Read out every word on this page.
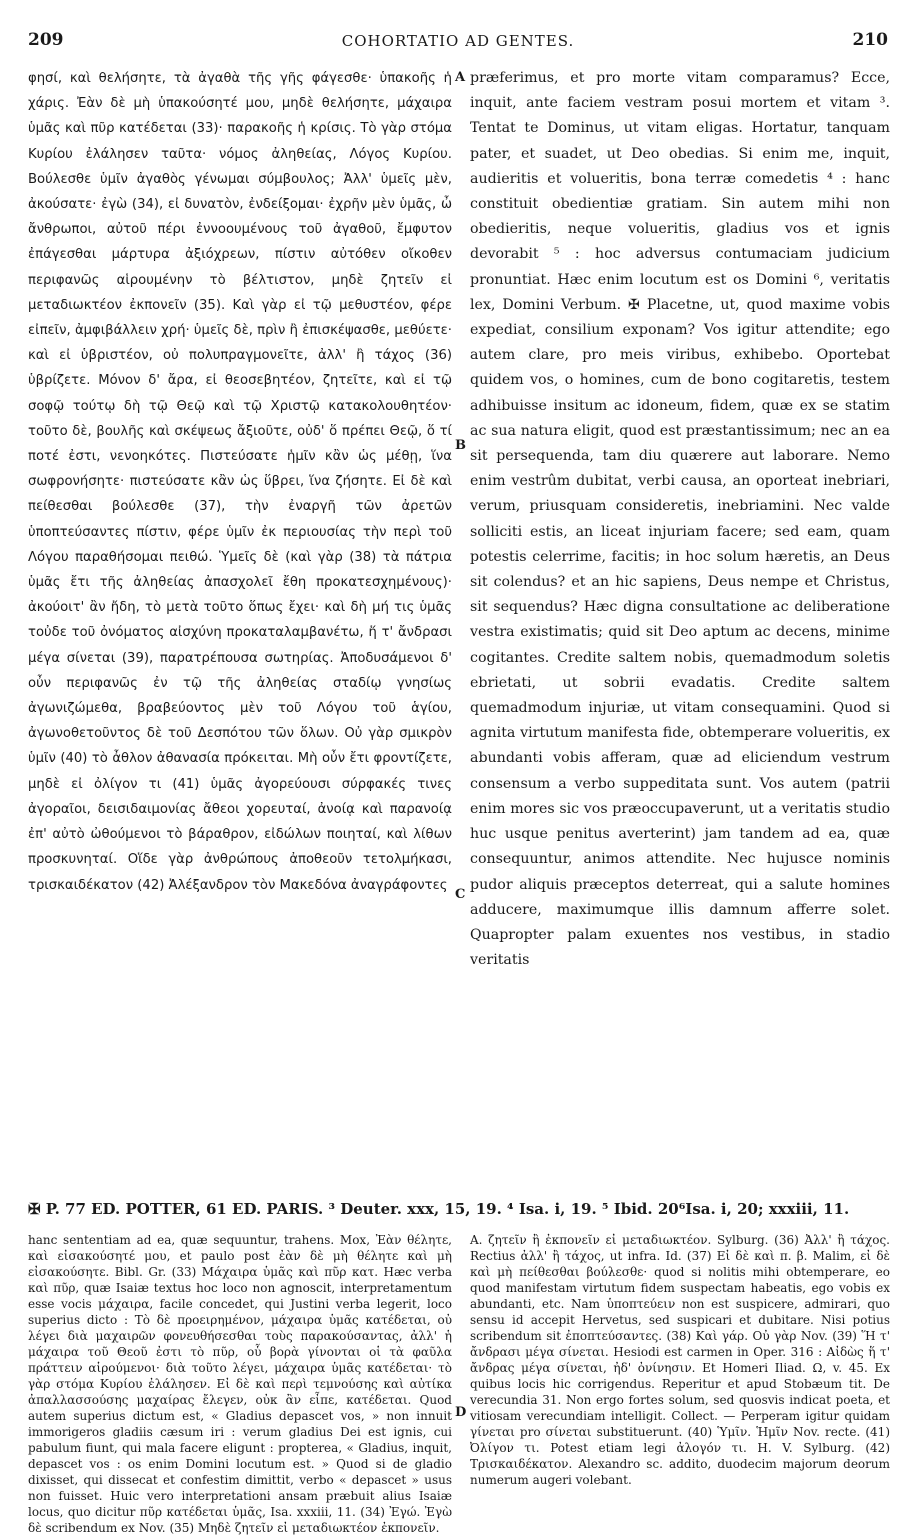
209	COHORTATIO AD GENTES.	210

φησί, καὶ θελήσητε, τὰ ἀγαθὰ τῆς γῆς φάγεσθε· ὑπακοῆς ἡ χάρις. Ἐὰν δὲ μὴ ὑπακούσητέ μου, μηδὲ θελήσητε, μάχαιρα ὑμᾶς καὶ πῦρ κατέδεται (33)· παρακοῆς ἡ κρίσις. Τὸ γὰρ στόμα Κυρίου ἐλάλησεν ταῦτα· νόμος ἀληθείας, Λόγος Κυρίου. Βούλεσθε ὑμῖν ἀγαθὸς γένωμαι σύμβουλος; Ἀλλ' ὑμεῖς μὲν, ἀκούσατε· ἐγὼ (34), εἰ δυνατὸν, ἐνδείξομαι· ἐχρῆν μὲν ὑμᾶς, ὦ ἄνθρωποι, αὐτοῦ πέρι ἐννοουμένους τοῦ ἀγαθοῦ, ἔμφυτον ἐπάγεσθαι μάρτυρα ἀξιόχρεων, πίστιν αὐτόθεν οἴκοθεν περιφανῶς αἱρουμένην τὸ βέλτιστον, μηδὲ ζητεῖν εἰ μεταδιωκτέον ἐκπονεῖν (35). Καὶ γὰρ εἰ τῷ μεθυστέον, φέρε εἰπεῖν, ἀμφιβάλλειν χρή· ὑμεῖς δὲ, πρὶν ἢ ἐπισκέψασθε, μεθύετε· καὶ εἰ ὑβριστέον, οὐ πολυπραγμονεῖτε, ἀλλ' ἢ τάχος (36) ὑβρίζετε. Μόνον δ' ἄρα, εἰ θεοσεβητέον, ζητεῖτε, καὶ εἰ τῷ σοφῷ τούτῳ δὴ τῷ Θεῷ καὶ τῷ Χριστῷ κατακολουθητέον· τοῦτο δὲ, βουλῆς καὶ σκέψεως ἄξιοῦτε, οὐδ' ὅ πρέπει Θεῷ, ὅ τί ποτέ ἐστι, νενοηκότες. Πιστεύσατε ἡμῖν κἂν ὡς μέθῃ, ἵνα σωφρονήσητε· πιστεύσατε κἂν ὡς ὕβρει, ἵνα ζήσητε. Εἰ δὲ καὶ πείθεσθαι βούλεσθε (37), τὴν ἐναργῆ τῶν ἀρετῶν ὑποπτεύσαντες πίστιν, φέρε ὑμῖν ἐκ περιουσίας τὴν περὶ τοῦ Λόγου παραθήσομαι πειθώ. Ὑμεῖς δὲ (καὶ γὰρ (38) τὰ πάτρια ὑμᾶς ἔτι τῆς ἀληθείας ἀπασχολεῖ ἔθη προκατεσχημένους)· ἀκούοιτ' ἂν ἤδη, τὸ μετὰ τοῦτο ὅπως ἔχει· καὶ δὴ μή τις ὑμᾶς τοὐδε τοῦ ὀνόματος αἰσχύνη προκαταλαμβανέτω, ἥ τ' ἄνδρασι μέγα σίνεται (39), παρατρέπουσα σωτηρίας. Ἀποδυσάμενοι δ' οὖν περιφανῶς ἐν τῷ τῆς ἀληθείας σταδίῳ γνησίως ἀγωνιζώμεθα, βραβεύοντος μὲν τοῦ Λόγου τοῦ ἁγίου, ἀγωνοθετοῦντος δὲ τοῦ Δεσπότου τῶν ὅλων. Οὐ γὰρ σμικρὸν ὑμῖν (40) τὸ ἆθλον ἀθανασία πρόκειται. Μὴ οὖν ἔτι φροντίζετε, μηδὲ εἰ ὀλίγον τι (41) ὑμᾶς ἀγορεύουσι σύρφακές τινες ἀγοραῖοι, δεισιδαιμονίας ἄθεοι χορευταί, ἀνοίᾳ καὶ παρανοίᾳ ἐπ' αὐτὸ ὠθούμενοι τὸ βάραθρον, εἰδώλων ποιηταί, καὶ λίθων προσκυνηταί. Οἵδε γὰρ ἀνθρώπους ἀποθεοῦν τετολμήκασι, τρισκαιδέκατον (42) Ἀλέξανδρον τὸν Μακεδόνα ἀναγράφοντες

præferimus, et pro morte vitam comparamus? Ecce, inquit, ante faciem vestram posui mortem et vitam ³. Tentat te Dominus, ut vitam eligas. Hortatur, tanquam pater, et suadet, ut Deo obedias. Si enim me, inquit, audieritis et volueritis, bona terræ comedetis ⁴ : hanc constituit obedientiæ gratiam. Sin autem mihi non obedieritis, neque volueritis, gladius vos et ignis devorabit ⁵ : hoc adversus contumaciam judicium pronuntiat. Hæc enim locutum est os Domini ⁶, veritatis lex, Domini Verbum. ✠ Placetne, ut, quod maxime vobis expediat, consilium exponam? Vos igitur attendite; ego autem clare, pro meis viribus, exhibebo. Oportebat quidem vos, o homines, cum de bono cogitaretis, testem adhibuisse insitum ac idoneum, fidem, quæ ex se statim ac sua natura eligit, quod est præstantissimum; nec an ea sit persequenda, tam diu quærere aut laborare. Nemo enim vestrûm dubitat, verbi causa, an oporteat inebriari, verum, priusquam consideretis, inebriamini. Nec valde solliciti estis, an liceat injuriam facere; sed eam, quam potestis celerrime, facitis; in hoc solum hæretis, an Deus sit colendus? et an hic sapiens, Deus nempe et Christus, sit sequendus? Hæc digna consultatione ac deliberatione vestra existimatis; quid sit Deo aptum ac decens, minime cogitantes. Credite saltem nobis, quemadmodum soletis ebrietati, ut sobrii evadatis. Credite saltem quemadmodum injuriæ, ut vitam consequamini. Quod si agnita virtutum manifesta fide, obtemperare volueritis, ex abundanti vobis afferam, quæ ad eliciendum vestrum consensum a verbo suppeditata sunt. Vos autem (patrii enim mores sic vos præoccupaverunt, ut a veritatis studio huc usque penitus averterint) jam tandem ad ea, quæ consequuntur, animos attendite. Nec hujusce nominis pudor aliquis præceptos deterreat, qui a salute homines adducere, maximumque illis damnum afferre solet. Quapropter palam exuentes nos vestibus, in stadio veritatis

A
B
C
D
✠ P. 77 ED. POTTER, 61 ED. PARIS. ³ Deuter. xxx, 15, 19. ⁴ Isa. i, 19. ⁵ Ibid. 20⁶Isa. i, 20; xxxiii, 11.

hanc sententiam ad ea, quæ sequuntur, trahens. Mox, Ἐὰν θέλητε, καὶ εἰσακούσητέ μου, et paulo post ἐὰν δὲ μὴ θέλητε καὶ μὴ εἰσακούσητε. Bibl. Gr. (33) Μάχαιρα ὑμᾶς καὶ πῦρ κατ. Hæc verba καὶ πῦρ, quæ Isaiæ textus hoc loco non agnoscit, interpretamentum esse vocis μάχαιρα, facile concedet, qui Justini verba legerit, loco superius dicto : Τὸ δὲ προειρημένον, μάχαιρα ὑμᾶς κατέδεται, οὐ λέγει διὰ μαχαιρῶν φονευθήσεσθαι τοὺς παρακούσαντας, ἀλλ' ἡ μάχαιρα τοῦ Θεοῦ ἐστι τὸ πῦρ, οὗ βορὰ γίνονται οἱ τὰ φαῦλα πράττειν αἱρούμενοι· διὰ τοῦτο λέγει, μάχαιρα ὑμᾶς κατέδεται· τὸ γὰρ στόμα Κυρίου ἐλάλησεν. Εἰ δὲ καὶ περὶ τεμνούσης καὶ αὐτίκα ἀπαλλασσούσης μαχαίρας ἔλεγεν, οὐκ ἂν εἶπε, κατέδεται. Quod autem superius dictum est, « Gladius depascet vos, » non innuit immorigeros gladiis cæsum iri : verum gladius Dei est ignis, cui pabulum fiunt, qui mala facere eligunt : propterea, « Gladius, inquit, depascet vos : os enim Domini locutum est. » Quod si de gladio dixisset, qui dissecat et confestim dimittit, verbo « depascet » usus non fuisset. Huic vero interpretationi ansam præbuit alius Isaiæ locus, quo dicitur πῦρ κατέδεται ὑμᾶς, Isa. xxxiii, 11. (34) Ἐγώ. Ἐγὼ δὲ scribendum ex Nov. (35) Μηδὲ ζητεῖν εἰ μεταδιωκτέον ἐκπονεῖν.

A. ζητεῖν ἢ ἐκπονεῖν εἰ μεταδιωκτέον. Sylburg. (36) Ἀλλ' ἢ τάχος. Rectius ἀλλ' ἢ τάχος, ut infra. Id. (37) Εἰ δὲ καὶ π. β. Malim, εἰ δὲ καὶ μὴ πείθεσθαι βούλεσθε· quod si nolitis mihi obtemperare, eo quod manifestam virtutum fidem suspectam habeatis, ego vobis ex abundanti, etc. Nam ὑποπτεύειν non est suspicere, admirari, quo sensu id accepit Hervetus, sed suspicari et dubitare. Nisi potius scribendum sit ἐποπτεύσαντες. (38) Καὶ γάρ. Οὐ γὰρ Nov. (39) Ἥ τ' ἄνδρασι μέγα σίνεται. Hesiodi est carmen in Oper. 316 : Αἰδὼς ἥ τ' ἄνδρας μέγα σίνεται, ἠδ' ὀνίνησιν. Et Homeri Iliad. Ω, v. 45. Ex quibus locis hic corrigendus. Reperitur et apud Stobæum tit. De verecundia 31. Non ergo fortes solum, sed quosvis indicat poeta, et vitiosam verecundiam intelligit. Collect. — Perperam igitur quidam γίνεται pro σίνεται substituerunt. (40) Ὑμῖν. Ἡμῖν Nov. recte. (41) Ὀλίγον τι. Potest etiam legi ἀλογόν τι. H. V. Sylburg. (42) Τρισκαιδέκατον. Alexandro sc. addito, duodecim majorum deorum numerum augeri volebant.
